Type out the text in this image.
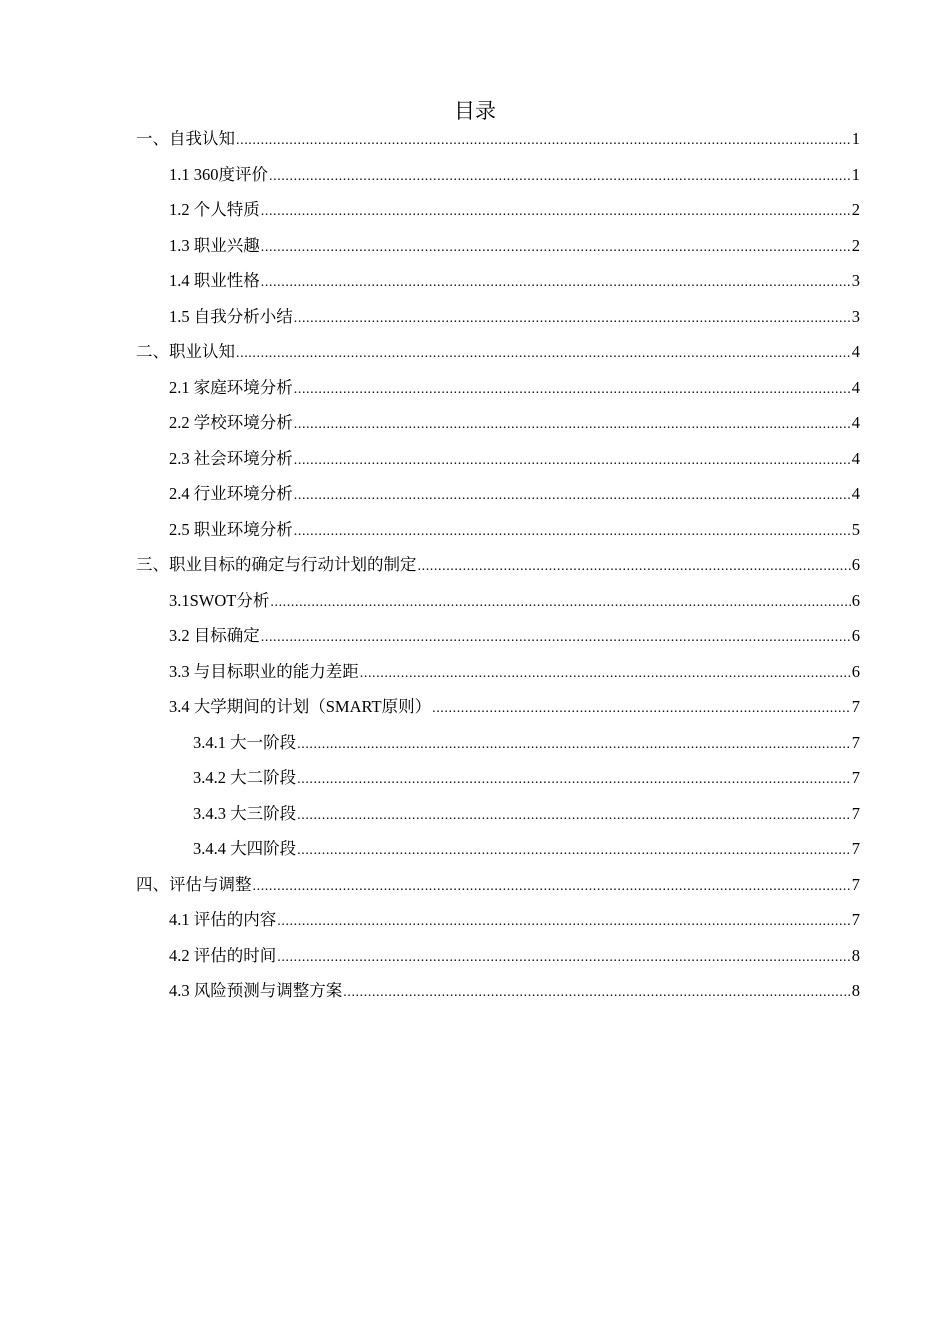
目录
一、自我认知 .....	1
1.1 360度评价 .....	1
1.2 个人特质 .....	2
1.3 职业兴趣 .....	2
1.4 职业性格 .....	3
1.5 自我分析小结 .....	3
二、职业认知 .....	4
2.1 家庭环境分析 .....	4
2.2 学校环境分析 .....	4
2.3 社会环境分析 .....	4
2.4 行业环境分析 .....	4
2.5 职业环境分析 .....	5
三、职业目标的确定与行动计划的制定 .....	6
3.1SWOT分析 .....	6
3.2 目标确定 .....	6
3.3 与目标职业的能力差距 .....	6
3.4 大学期间的计划（SMART原则） .....	7
3.4.1 大一阶段 .....	7
3.4.2 大二阶段 .....	7
3.4.3 大三阶段 .....	7
3.4.4 大四阶段 .....	7
四、评估与调整 .....	7
4.1 评估的内容 .....	7
4.2 评估的时间 .....	8
4.3 风险预测与调整方案 .....	8
